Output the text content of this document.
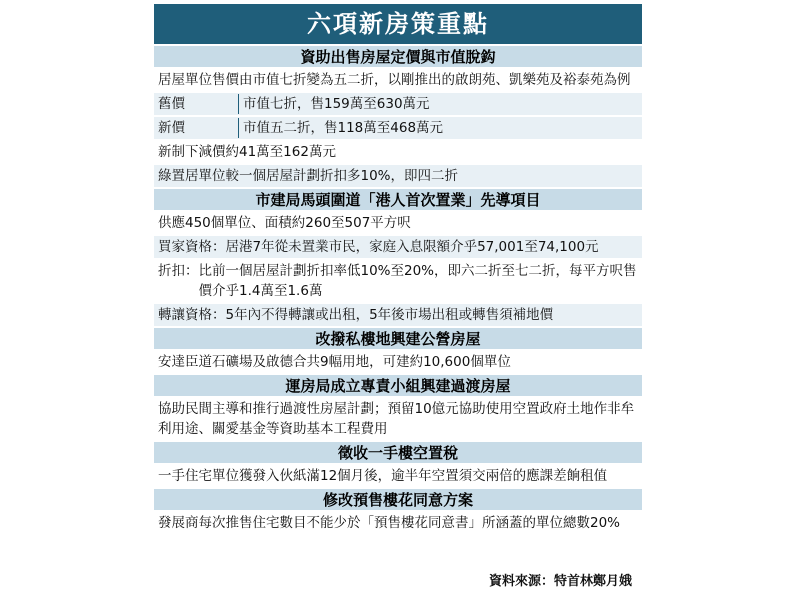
六項新房策重點
資助出售房屋定價與市值脫鈎
居屋單位售價由市值七折變為五二折，以剛推出的啟朗苑、凱樂苑及裕泰苑為例
舊價	市值七折，售159萬至630萬元
新價	市值五二折，售118萬至468萬元
新制下減價約41萬至162萬元
綠置居單位較一個居屋計劃折扣多10%，即四二折
市建局馬頭圍道「港人首次置業」先導項目
供應450個單位、面積約260至507平方呎
買家資格： 居港7年從未置業市民，家庭入息限額介乎57,001至74,100元
折扣： 比前一個居屋計劃折扣率低10%至20%，即六二折至七二折，每平方呎售價介乎1.4萬至1.6萬
轉讓資格： 5年內不得轉讓或出租，5年後市場出租或轉售須補地價
改撥私樓地興建公營房屋
安達臣道石礦場及啟德合共9幅用地，可建約10,600個單位
運房局成立專責小組興建過渡房屋
協助民間主導和推行過渡性房屋計劃；預留10億元協助使用空置政府土地作非牟利用途、關愛基金等資助基本工程費用
徵收一手樓空置稅
一手住宅單位獲發入伙紙滿12個月後，逾半年空置須交兩倍的應課差餉租值
修改預售樓花同意方案
發展商每次推售住宅數目不能少於「預售樓花同意書」所涵蓋的單位總數20%
資料來源：特首林鄭月娥
